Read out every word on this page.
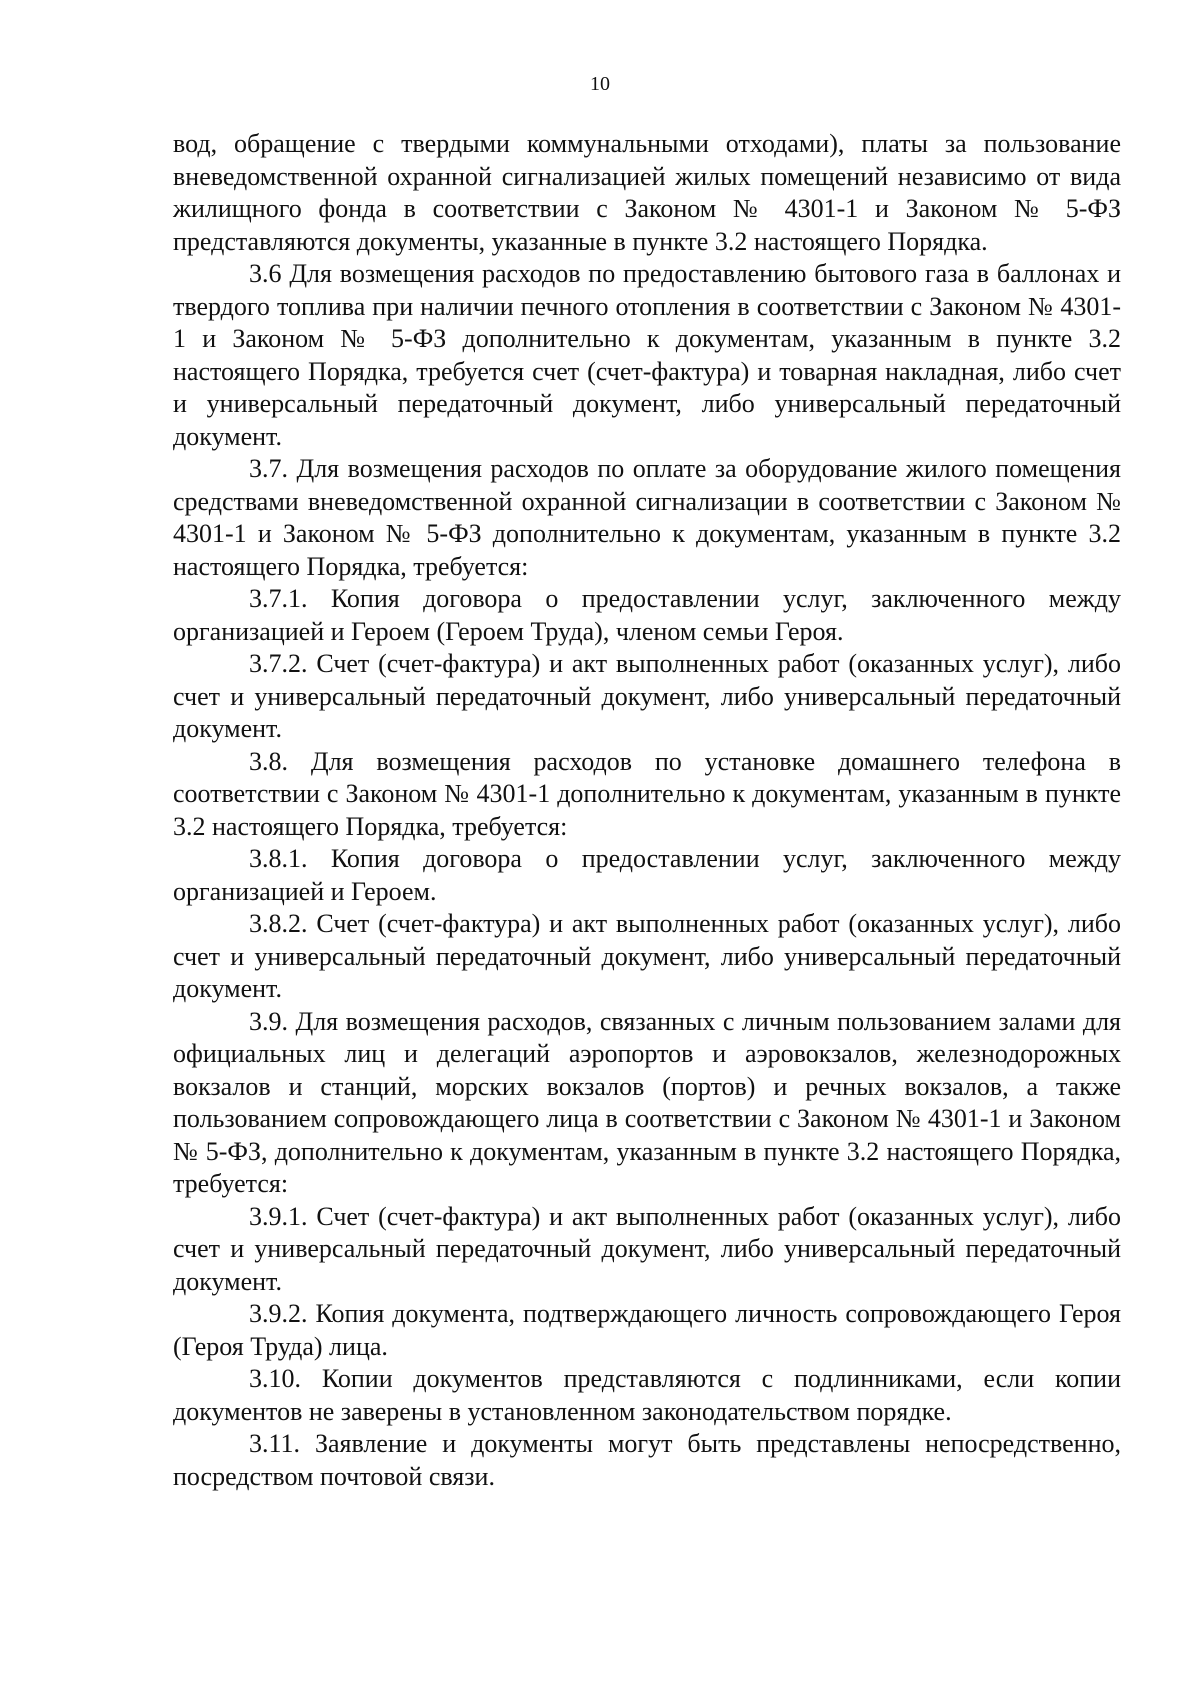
10

вод, обращение с твердыми коммунальными отходами), платы за пользование вневедомственной охранной сигнализацией жилых помещений независимо от вида жилищного фонда в соответствии с Законом № 4301-1 и Законом № 5-ФЗ представляются документы, указанные в пункте 3.2 настоящего Порядка.

3.6 Для возмещения расходов по предоставлению бытового газа в баллонах и твердого топлива при наличии печного отопления в соответствии с Законом № 4301-1 и Законом № 5-ФЗ дополнительно к документам, указанным в пункте 3.2 настоящего Порядка, требуется счет (счет-фактура) и товарная накладная, либо счет и универсальный передаточный документ, либо универсальный передаточный документ.

3.7. Для возмещения расходов по оплате за оборудование жилого помещения средствами вневедомственной охранной сигнализации в соответствии с Законом № 4301-1 и Законом № 5-ФЗ дополнительно к документам, указанным в пункте 3.2 настоящего Порядка, требуется:

3.7.1. Копия договора о предоставлении услуг, заключенного между организацией и Героем (Героем Труда), членом семьи Героя.

3.7.2. Счет (счет-фактура) и акт выполненных работ (оказанных услуг), либо счет и универсальный передаточный документ, либо универсальный передаточный документ.

3.8. Для возмещения расходов по установке домашнего телефона в соответствии с Законом № 4301-1 дополнительно к документам, указанным в пункте 3.2 настоящего Порядка, требуется:

3.8.1. Копия договора о предоставлении услуг, заключенного между организацией и Героем.

3.8.2. Счет (счет-фактура) и акт выполненных работ (оказанных услуг), либо счет и универсальный передаточный документ, либо универсальный передаточный документ.

3.9. Для возмещения расходов, связанных с личным пользованием залами для официальных лиц и делегаций аэропортов и аэровокзалов, железнодорожных вокзалов и станций, морских вокзалов (портов) и речных вокзалов, а также пользованием сопровождающего лица в соответствии с Законом № 4301-1 и Законом № 5-ФЗ, дополнительно к документам, указанным в пункте 3.2 настоящего Порядка, требуется:

3.9.1. Счет (счет-фактура) и акт выполненных работ (оказанных услуг), либо счет и универсальный передаточный документ, либо универсальный передаточный документ.

3.9.2. Копия документа, подтверждающего личность сопровождающего Героя (Героя Труда) лица.

3.10. Копии документов представляются с подлинниками, если копии документов не заверены в установленном законодательством порядке.

3.11. Заявление и документы могут быть представлены непосредственно, посредством почтовой связи.
